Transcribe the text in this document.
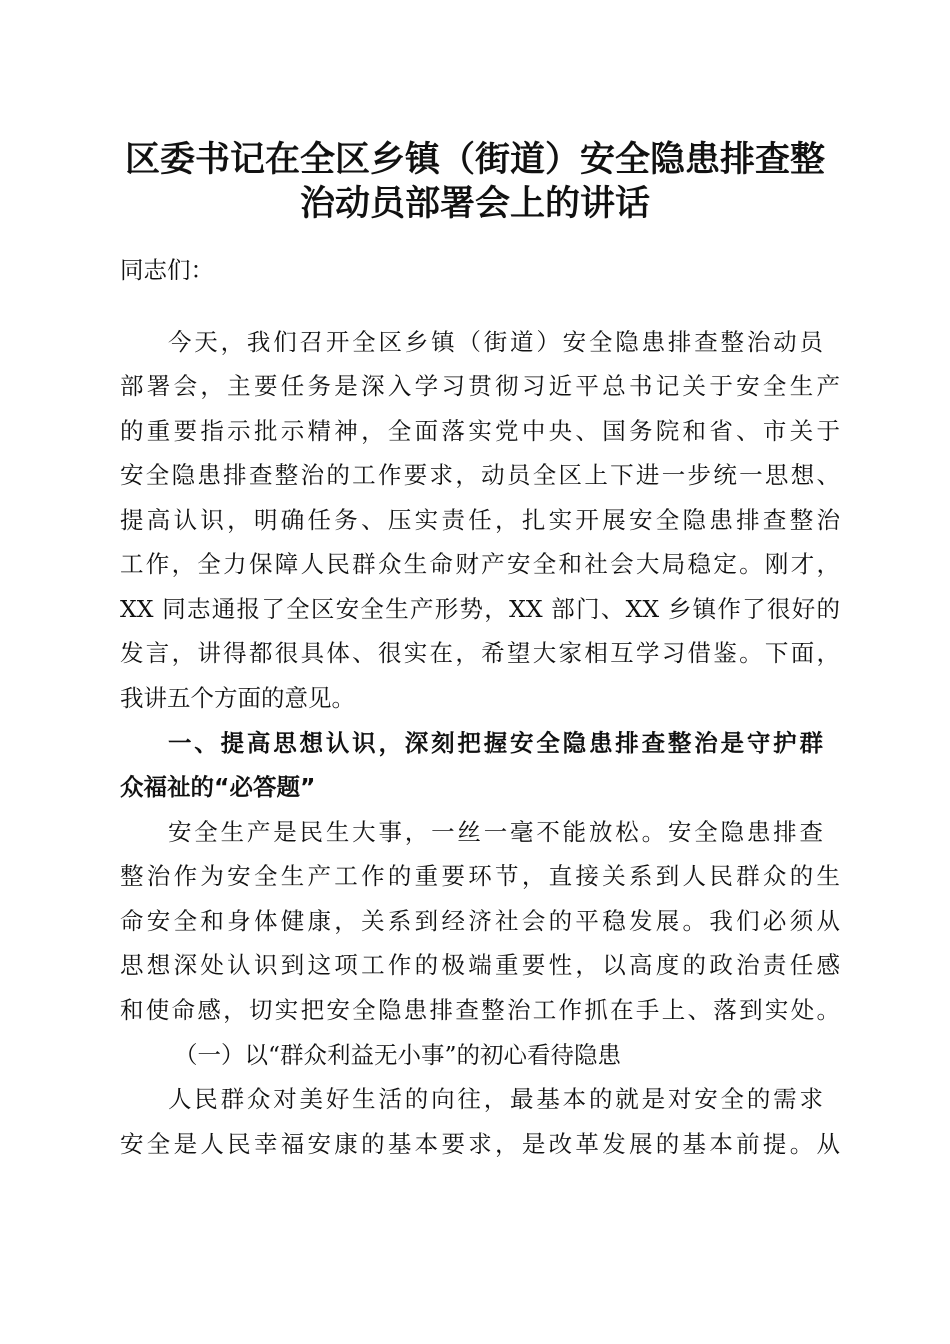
区委书记在全区乡镇（街道）安全隐患排查整
治动员部署会上的讲话

同志们：

今天，我们召开全区乡镇（街道）安全隐患排查整治动员

部署会，主要任务是深入学习贯彻习近平总书记关于安全生产

的重要指示批示精神，全面落实党中央、国务院和省、市关于

安全隐患排查整治的工作要求，动员全区上下进一步统一思想、

提高认识，明确任务、压实责任，扎实开展安全隐患排查整治

工作，全力保障人民群众生命财产安全和社会大局稳定。刚才，

XX 同志通报了全区安全生产形势，XX 部门、XX 乡镇作了很好的

发言，讲得都很具体、很实在，希望大家相互学习借鉴。下面，

我讲五个方面的意见。

一、提高思想认识，深刻把握安全隐患排查整治是守护群

众福祉的“必答题”

安全生产是民生大事，一丝一毫不能放松。安全隐患排查

整治作为安全生产工作的重要环节，直接关系到人民群众的生

命安全和身体健康，关系到经济社会的平稳发展。我们必须从

思想深处认识到这项工作的极端重要性，以高度的政治责任感

和使命感，切实把安全隐患排查整治工作抓在手上、落到实处。

（一）以“群众利益无小事”的初心看待隐患

人民群众对美好生活的向往，最基本的就是对安全的需求

安全是人民幸福安康的基本要求，是改革发展的基本前提。从
